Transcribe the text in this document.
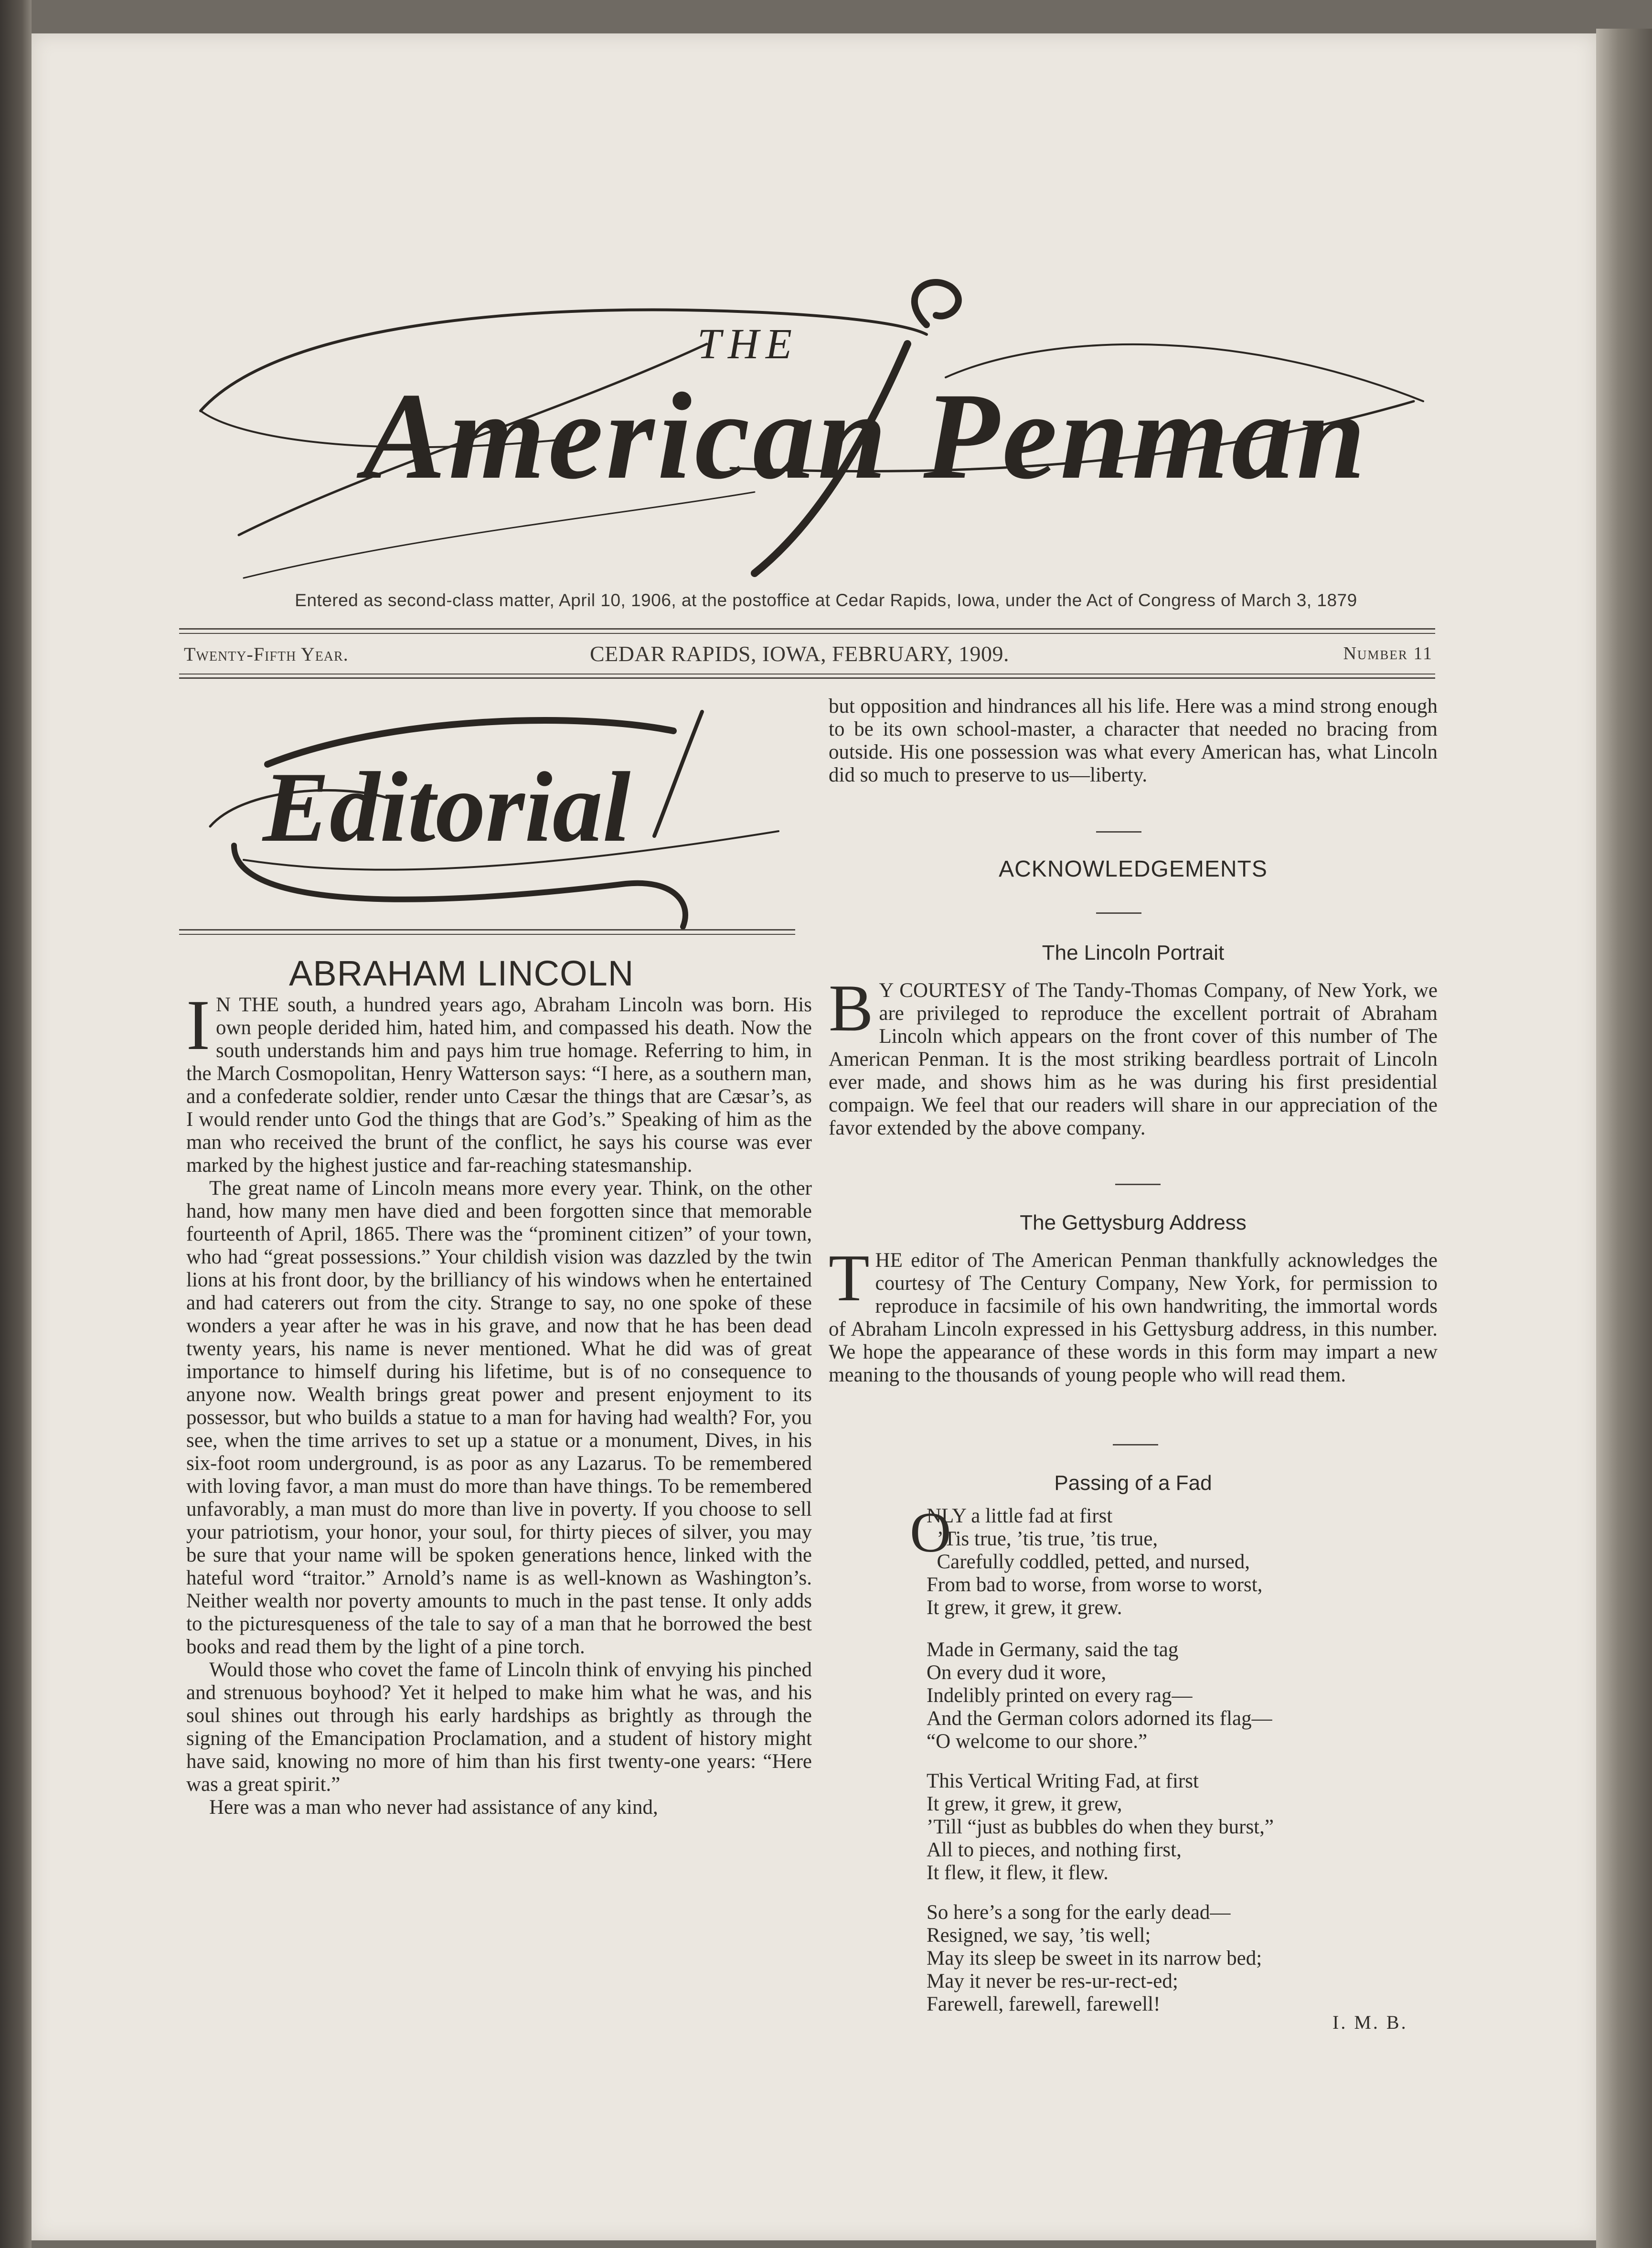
THE
American Penman
Entered as second-class matter, April 10, 1906, at the postoffice at Cedar Rapids, Iowa, under the Act of Congress of March 3, 1879
Twenty-Fifth Year.	CEDAR RAPIDS, IOWA, FEBRUARY, 1909.	Number 11
Editorial
ABRAHAM LINCOLN

I N THE south, a hundred years ago, Abraham Lincoln was born. His own people derided him, hated him, and compassed his death. Now the south understands him and pays him true homage. Referring to him, in the March Cosmopolitan, Henry Watterson says: “I here, as a southern man, and a confederate soldier, render unto Cæsar the things that are Cæsar’s, as I would render unto God the things that are God’s.” Speaking of him as the man who received the brunt of the conflict, he says his course was ever marked by the highest justice and far-reaching statesmanship.

The great name of Lincoln means more every year. Think, on the other hand, how many men have died and been forgotten since that memorable fourteenth of April, 1865. There was the “prominent citizen” of your town, who had “great possessions.” Your childish vision was dazzled by the twin lions at his front door, by the brilliancy of his windows when he entertained and had caterers out from the city. Strange to say, no one spoke of these wonders a year after he was in his grave, and now that he has been dead twenty years, his name is never mentioned. What he did was of great importance to himself during his lifetime, but is of no consequence to anyone now. Wealth brings great power and present enjoyment to its possessor, but who builds a statue to a man for having had wealth? For, you see, when the time arrives to set up a statue or a monument, Dives, in his six-foot room underground, is as poor as any Lazarus. To be remembered with loving favor, a man must do more than have things. To be remembered unfavorably, a man must do more than live in poverty. If you choose to sell your patriotism, your honor, your soul, for thirty pieces of silver, you may be sure that your name will be spoken generations hence, linked with the hateful word “traitor.” Arnold’s name is as well-known as Washington’s. Neither wealth nor poverty amounts to much in the past tense. It only adds to the picturesqueness of the tale to say of a man that he borrowed the best books and read them by the light of a pine torch.

Would those who covet the fame of Lincoln think of envying his pinched and strenuous boyhood? Yet it helped to make him what he was, and his soul shines out through his early hardships as brightly as through the signing of the Emancipation Proclamation, and a student of history might have said, knowing no more of him than his first twenty-one years: “Here was a great spirit.”

Here was a man who never had assistance of any kind,

but opposition and hindrances all his life. Here was a mind strong enough to be its own school-master, a character that needed no bracing from outside. His one possession was what every American has, what Lincoln did so much to preserve to us—liberty.

ACKNOWLEDGEMENTS
The Lincoln Portrait

B Y COURTESY of The Tandy-Thomas Company, of New York, we are privileged to reproduce the excellent portrait of Abraham Lincoln which appears on the front cover of this number of The American Penman. It is the most striking beardless portrait of Lincoln ever made, and shows him as he was during his first presidential compaign. We feel that our readers will share in our appreciation of the favor extended by the above company.

The Gettysburg Address

THE editor of The American Penman thankfully acknowledges the courtesy of The Century Company, New York, for permission to reproduce in facsimile of his own handwriting, the immortal words of Abraham Lincoln expressed in his Gettysburg address, in this number. We hope the appearance of these words in this form may impart a new meaning to the thousands of young people who will read them.

Passing of a Fad
O
NLY a little fad at first
’Tis true, ’tis true, ’tis true,
Carefully coddled, petted, and nursed,
From bad to worse, from worse to worst,
It grew, it grew, it grew.
Made in Germany, said the tag
On every dud it wore,
Indelibly printed on every rag—
And the German colors adorned its flag—
“O welcome to our shore.”
This Vertical Writing Fad, at first
It grew, it grew, it grew,
’Till “just as bubbles do when they burst,”
All to pieces, and nothing first,
It flew, it flew, it flew.
So here’s a song for the early dead—
Resigned, we say, ’tis well;
May its sleep be sweet in its narrow bed;
May it never be res-ur-rect-ed;
Farewell, farewell, farewell!
I. M. B.
